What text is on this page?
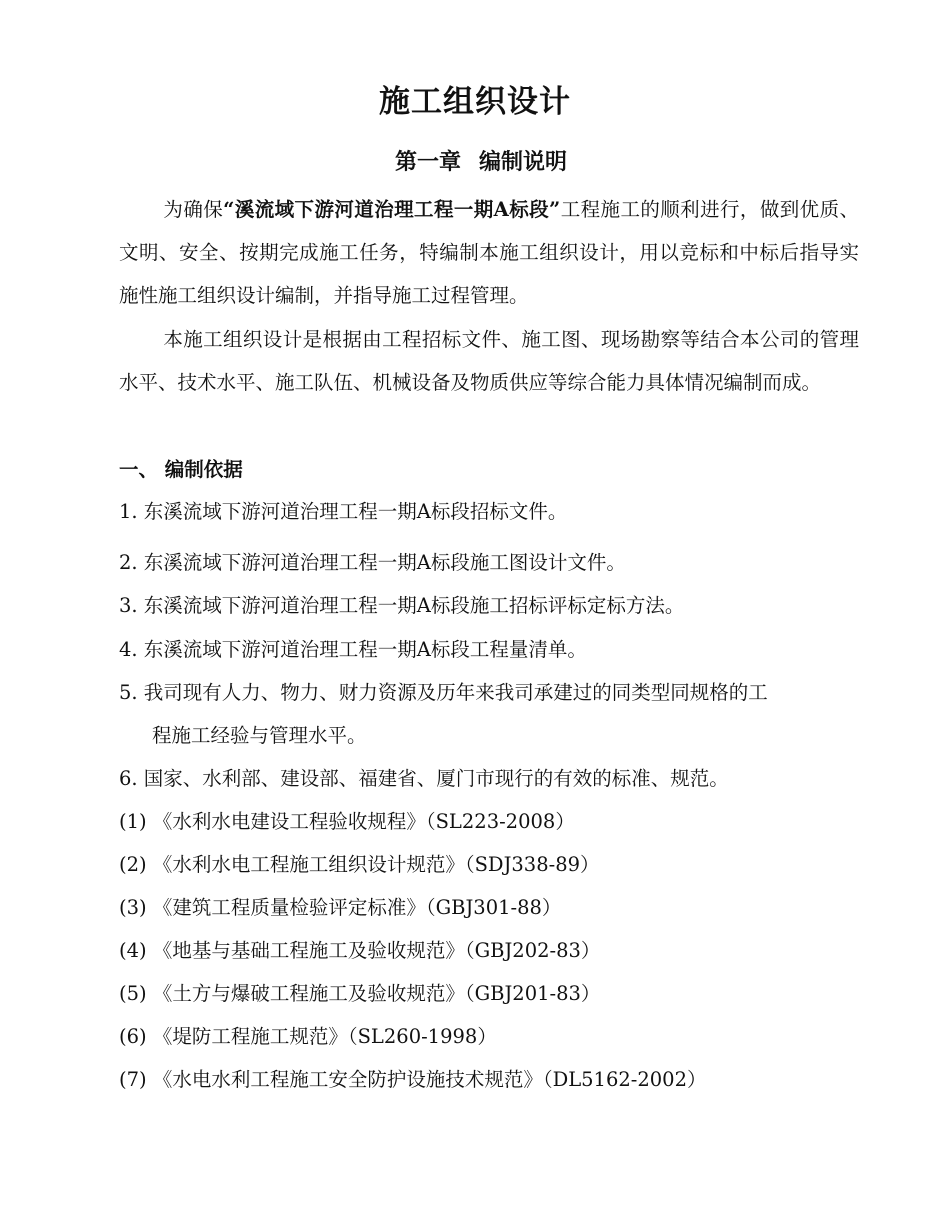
施工组织设计
第一章 编制说明

为确保“溪流域下游河道治理工程一期A标段”工程施工的顺利进行，做到优质、文明、安全、按期完成施工任务，特编制本施工组织设计，用以竞标和中标后指导实施性施工组织设计编制，并指导施工过程管理。

本施工组织设计是根据由工程招标文件、施工图、现场勘察等结合本公司的管理水平、技术水平、施工队伍、机械设备及物质供应等综合能力具体情况编制而成。

一、 编制依据

1. 东溪流域下游河道治理工程一期A标段招标文件。

2. 东溪流域下游河道治理工程一期A标段施工图设计文件。

3. 东溪流域下游河道治理工程一期A标段施工招标评标定标方法。

4. 东溪流域下游河道治理工程一期A标段工程量清单。

5. 我司现有人力、物力、财力资源及历年来我司承建过的同类型同规格的工

程施工经验与管理水平。

6. 国家、水利部、建设部、福建省、厦门市现行的有效的标准、规范。

(1) 《水利水电建设工程验收规程》（SL223-2008）

(2) 《水利水电工程施工组织设计规范》（SDJ338-89）

(3) 《建筑工程质量检验评定标准》（GBJ301-88）

(4) 《地基与基础工程施工及验收规范》（GBJ202-83）

(5) 《土方与爆破工程施工及验收规范》（GBJ201-83）

(6) 《堤防工程施工规范》（SL260-1998）

(7) 《水电水利工程施工安全防护设施技术规范》（DL5162-2002）
